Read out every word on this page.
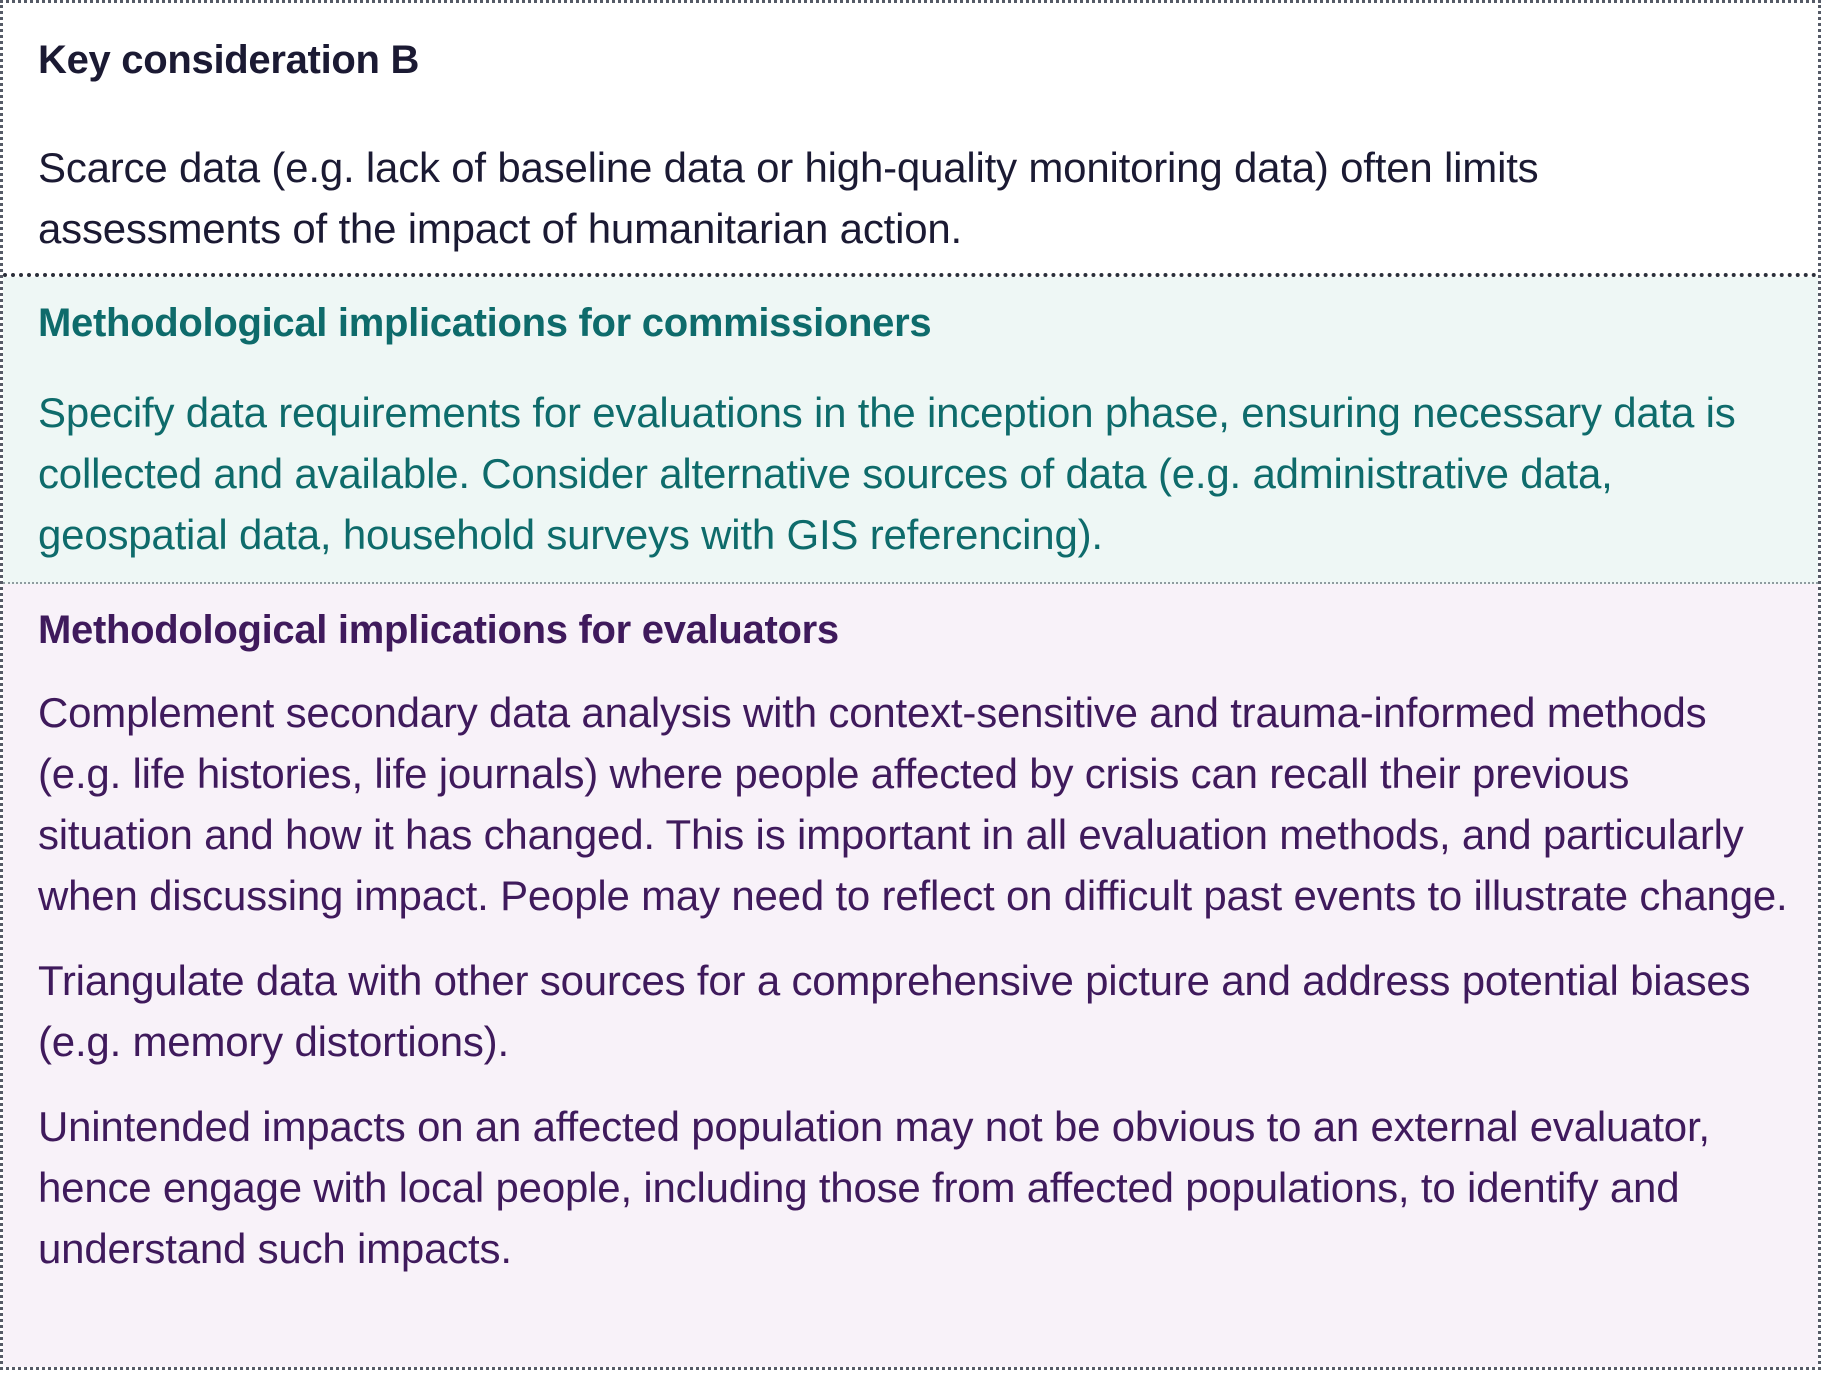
Key consideration B

Scarce data (e.g. lack of baseline data or high-quality monitoring data) often limits assessments of the impact of humanitarian action.

Methodological implications for commissioners

Specify data requirements for evaluations in the inception phase, ensuring necessary data is collected and available. Consider alternative sources of data (e.g. administrative data, geospatial data, household surveys with GIS referencing).

Methodological implications for evaluators

Complement secondary data analysis with context-sensitive and trauma-informed methods (e.g. life histories, life journals) where people affected by crisis can recall their previous situation and how it has changed. This is important in all evaluation methods, and particularly when discussing impact. People may need to reflect on difficult past events to illustrate change.

Triangulate data with other sources for a comprehensive picture and address potential biases (e.g. memory distortions).

Unintended impacts on an affected population may not be obvious to an external evaluator, hence engage with local people, including those from affected populations, to identify and understand such impacts.
